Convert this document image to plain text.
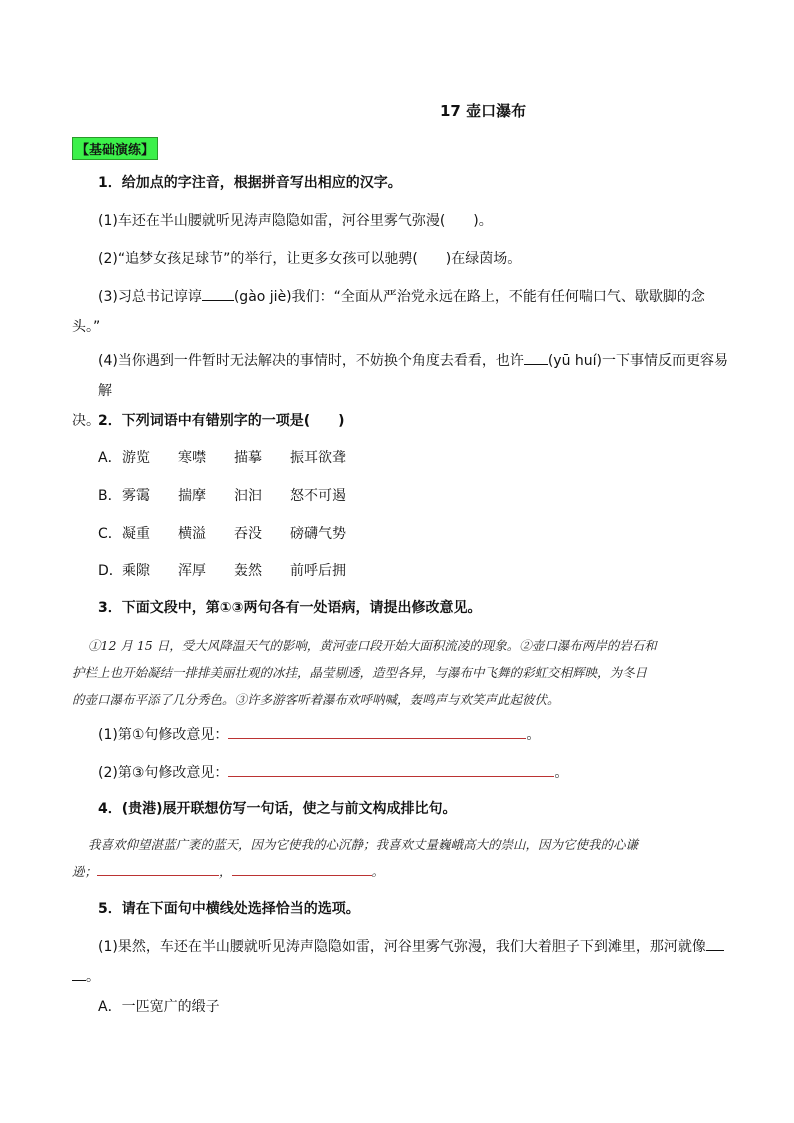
17 壶口瀑布
【基础演练】
1．给加点的字注音，根据拼音写出相应的汉字。
(1)车还在半山腰就听见涛声隐隐如雷，河谷里雾气弥漫(　　)。
(2)“追梦女孩足球节”的举行，让更多女孩可以驰骋(　　)在绿茵场。
(3)习总书记谆谆 (gào jiè)我们：“全面从严治党永远在路上，不能有任何喘口气、歇歇脚的念
头。”
(4)当你遇到一件暂时无法解决的事情时，不妨换个角度去看看，也许 (yū huí)一下事情反而更容易解
决。
2．下列词语中有错别字的一项是(　　)
A．游览 寒噤 描摹 振耳欲聋
B．雾霭 揣摩 汩汩 怒不可遏
C．凝重 横溢 吞没 磅礴气势
D．乘隙 浑厚 轰然 前呼后拥
3．下面文段中，第①③两句各有一处语病，请提出修改意见。
①12 月 15 日，受大风降温天气的影响，黄河壶口段开始大面积流凌的现象。②壶口瀑布两岸的岩石和
护栏上也开始凝结一排排美丽壮观的冰挂，晶莹剔透，造型各异，与瀑布中飞舞的彩虹交相辉映，为冬日
的壶口瀑布平添了几分秀色。③许多游客听着瀑布欢呼呐喊，轰鸣声与欢笑声此起彼伏。
(1)第①句修改意见：	。
(2)第③句修改意见：	。
4．(贵港)展开联想仿写一句话，使之与前文构成排比句。
我喜欢仰望湛蓝广袤的蓝天，因为它使我的心沉静；我喜欢丈量巍峨高大的崇山，因为它使我的心谦
逊；	，	。
5．请在下面句中横线处选择恰当的选项。
(1)果然，车还在半山腰就听见涛声隐隐如雷，河谷里雾气弥漫，我们大着胆子下到滩里，那河就像
。
A．一匹宽广的缎子
